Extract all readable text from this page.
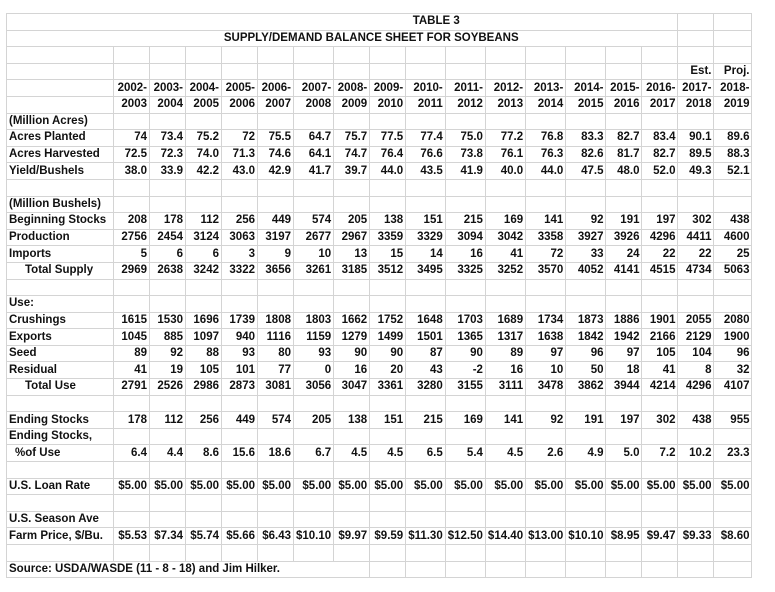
TABLE 3																	
SUPPLY/DEMAND BALANCE SHEET FOR SOYBEANS																	

																Est.	Proj.
	2002-	2003-	2004-	2005-	2006-	2007-	2008-	2009-	2010-	2011-	2012-	2013-	2014-	2015-	2016-	2017-	2018-
	2003	2004	2005	2006	2007	2008	2009	2010	2011	2012	2013	2014	2015	2016	2017	2018	2019
(Million Acres)																	
Acres Planted	74	73.4	75.2	72	75.5	64.7	75.7	77.5	77.4	75.0	77.2	76.8	83.3	82.7	83.4	90.1	89.6
Acres Harvested	72.5	72.3	74.0	71.3	74.6	64.1	74.7	76.4	76.6	73.8	76.1	76.3	82.6	81.7	82.7	89.5	88.3
Yield/Bushels	38.0	33.9	42.2	43.0	42.9	41.7	39.7	44.0	43.5	41.9	40.0	44.0	47.5	48.0	52.0	49.3	52.1

(Million Bushels)																	
Beginning Stocks	208	178	112	256	449	574	205	138	151	215	169	141	92	191	197	302	438
Production	2756	2454	3124	3063	3197	2677	2967	3359	3329	3094	3042	3358	3927	3926	4296	4411	4600
Imports	5	6	6	3	9	10	13	15	14	16	41	72	33	24	22	22	25
Total Supply	2969	2638	3242	3322	3656	3261	3185	3512	3495	3325	3252	3570	4052	4141	4515	4734	5063

Use:																	
Crushings	1615	1530	1696	1739	1808	1803	1662	1752	1648	1703	1689	1734	1873	1886	1901	2055	2080
Exports	1045	885	1097	940	1116	1159	1279	1499	1501	1365	1317	1638	1842	1942	2166	2129	1900
Seed	89	92	88	93	80	93	90	90	87	90	89	97	96	97	105	104	96
Residual	41	19	105	101	77	0	16	20	43	-2	16	10	50	18	41	8	32
Total Use	2791	2526	2986	2873	3081	3056	3047	3361	3280	3155	3111	3478	3862	3944	4214	4296	4107

Ending Stocks	178	112	256	449	574	205	138	151	215	169	141	92	191	197	302	438	955
Ending Stocks,																	
%of Use	6.4	4.4	8.6	15.6	18.6	6.7	4.5	4.5	6.5	5.4	4.5	2.6	4.9	5.0	7.2	10.2	23.3

U.S. Loan Rate	$5.00	$5.00	$5.00	$5.00	$5.00	$5.00	$5.00	$5.00	$5.00	$5.00	$5.00	$5.00	$5.00	$5.00	$5.00	$5.00	$5.00

U.S. Season Ave																	
Farm Price, $/Bu.	$5.53	$7.34	$5.74	$5.66	$6.43	$10.10	$9.97	$9.59	$11.30	$12.50	$14.40	$13.00	$10.10	$8.95	$9.47	$9.33	$8.60

Source: USDA/WASDE (11 - 8 - 18) and Jim Hilker.																	
